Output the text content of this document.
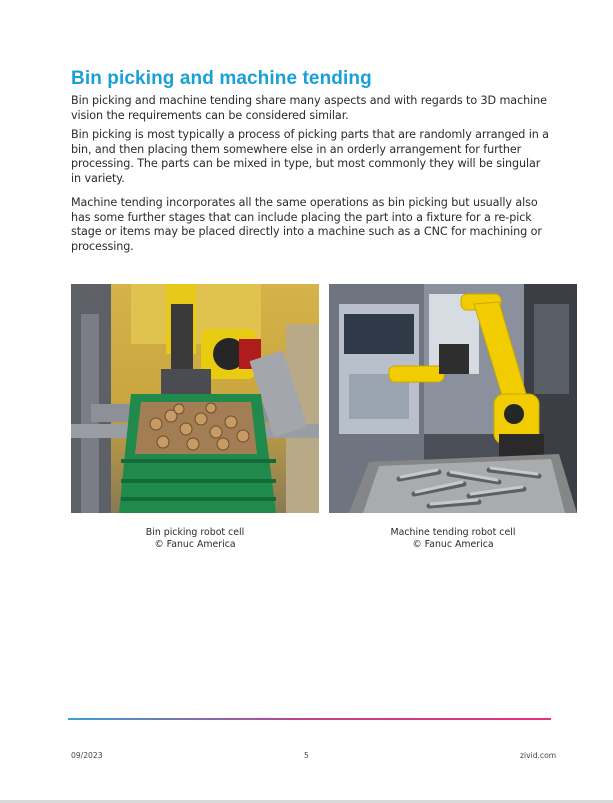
Bin picking and machine tending

Bin picking and machine tending share many aspects and with regards to 3D machine vision the requirements can be considered similar.

Bin picking is most typically a process of picking parts that are randomly arranged in a bin, and then placing them somewhere else in an orderly arrangement for further processing. The parts can be mixed in type, but most commonly they will be singular in variety.

Machine tending incorporates all the same operations as bin picking but usually also has some further stages that can include placing the part into a fixture for a re-pick stage or items may be placed directly into a machine such as a CNC for machining or processing.

Bin picking robot cell
© Fanuc America
Machine tending robot cell
© Fanuc America
09/2023	5	zivid.com
